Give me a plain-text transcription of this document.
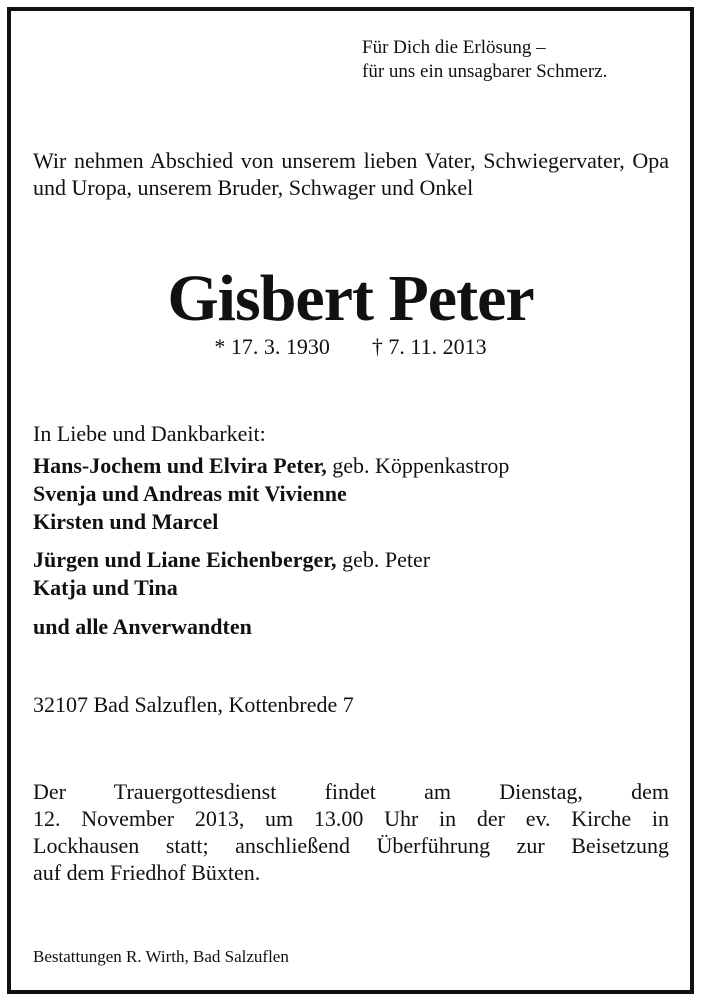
Für Dich die Erlösung –
für uns ein unsagbarer Schmerz.
Wir nehmen Abschied von unserem lieben Vater, Schwiegervater, Opa und Uropa, unserem Bruder, Schwager und Onkel
Gisbert Peter
* 17. 3. 1930 † 7. 11. 2013
In Liebe und Dankbarkeit:
Hans-Jochem und Elvira Peter, geb. Köppenkastrop
Svenja und Andreas mit Vivienne
Kirsten und Marcel
Jürgen und Liane Eichenberger, geb. Peter
Katja und Tina
und alle Anverwandten
32107 Bad Salzuflen, Kottenbrede 7
Der Trauergottesdienst findet am Dienstag, dem
12. November 2013, um 13.00 Uhr in der ev. Kirche in
Lockhausen statt; anschließend Überführung zur Beisetzung
auf dem Friedhof Büxten.
Bestattungen R. Wirth, Bad Salzuflen
